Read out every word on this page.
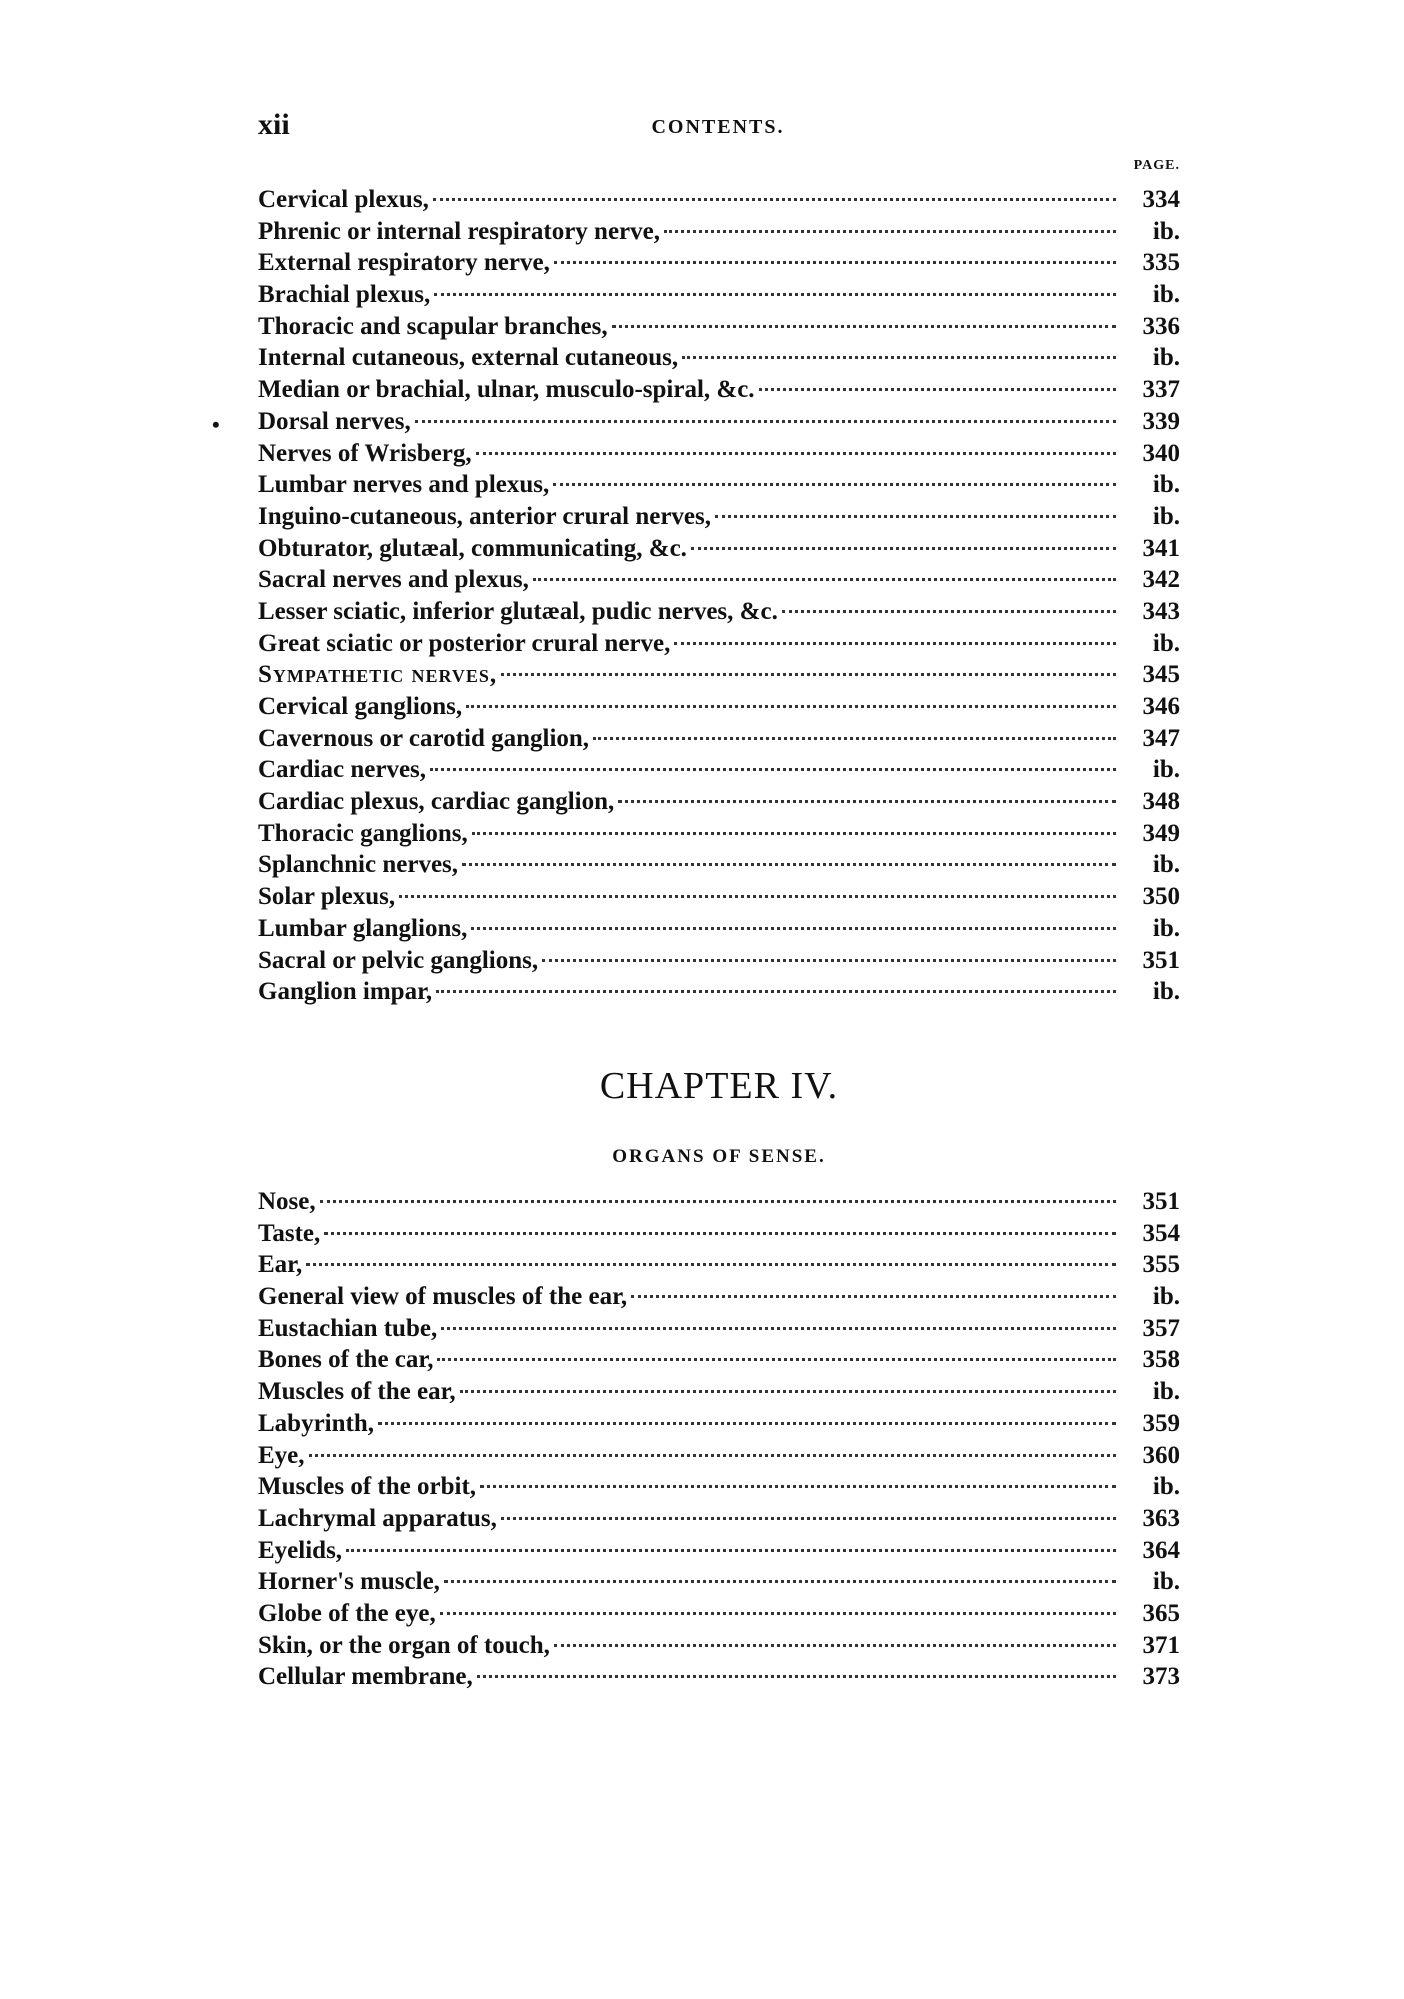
xii	CONTENTS.
PAGE.
•
Cervical plexus,	334
Phrenic or internal respiratory nerve,	ib.
External respiratory nerve,	335
Brachial plexus,	ib.
Thoracic and scapular branches,	336
Internal cutaneous, external cutaneous,	ib.
Median or brachial, ulnar, musculo-spiral, &c.	337
Dorsal nerves,	339
Nerves of Wrisberg,	340
Lumbar nerves and plexus,	ib.
Inguino-cutaneous, anterior crural nerves,	ib.
Obturator, glutæal, communicating, &c.	341
Sacral nerves and plexus,	342
Lesser sciatic, inferior glutæal, pudic nerves, &c.	343
Great sciatic or posterior crural nerve,	ib.
Sympathetic nerves,	345
Cervical ganglions,	346
Cavernous or carotid ganglion,	347
Cardiac nerves,	ib.
Cardiac plexus, cardiac ganglion,	348
Thoracic ganglions,	349
Splanchnic nerves,	ib.
Solar plexus,	350
Lumbar glanglions,	ib.
Sacral or pelvic ganglions,	351
Ganglion impar,	ib.
CHAPTER IV.
ORGANS OF SENSE.
Nose,	351
Taste,	354
Ear,	355
General view of muscles of the ear,	ib.
Eustachian tube,	357
Bones of the car,	358
Muscles of the ear,	ib.
Labyrinth,	359
Eye,	360
Muscles of the orbit,	ib.
Lachrymal apparatus,	363
Eyelids,	364
Horner's muscle,	ib.
Globe of the eye,	365
Skin, or the organ of touch,	371
Cellular membrane,	373
